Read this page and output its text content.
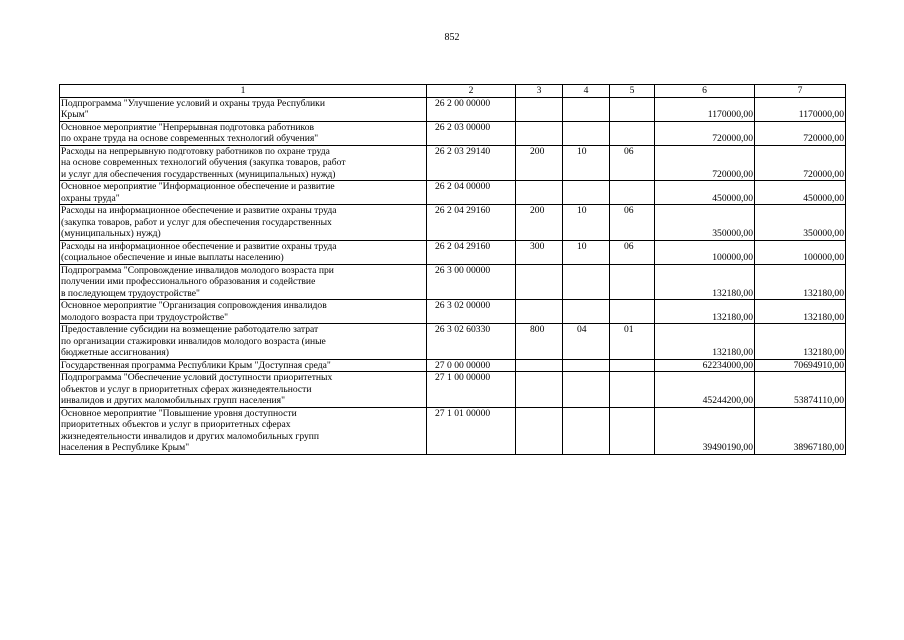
852
1	2	3	4	5	6	7
Подпрограмма "Улучшение условий и охраны труда Республики
Крым"	26 2 00 00000				1170000,00	1170000,00
Основное мероприятие "Непрерывная подготовка работников
по охране труда на основе современных технологий обучения"	26 2 03 00000				720000,00	720000,00
Расходы на непрерывную подготовку работников по охране труда
на основе современных технологий обучения (закупка товаров, работ
и услуг для обеспечения государственных (муниципальных) нужд)	26 2 03 29140	200	10	06	720000,00	720000,00
Основное мероприятие "Информационное обеспечение и развитие
охраны труда"	26 2 04 00000				450000,00	450000,00
Расходы на информационное обеспечение и развитие охраны труда
(закупка товаров, работ и услуг для обеспечения государственных
(муниципальных) нужд)	26 2 04 29160	200	10	06	350000,00	350000,00
Расходы на информационное обеспечение и развитие охраны труда
(социальное обеспечение и иные выплаты населению)	26 2 04 29160	300	10	06	100000,00	100000,00
Подпрограмма "Сопровождение инвалидов молодого возраста при
получении ими профессионального образования и содействие
в последующем трудоустройстве"	26 3 00 00000				132180,00	132180,00
Основное мероприятие "Организация сопровождения инвалидов
молодого возраста при трудоустройстве"	26 3 02 00000				132180,00	132180,00
Предоставление субсидии на возмещение работодателю затрат
по организации стажировки инвалидов молодого возраста (иные
бюджетные ассигнования)	26 3 02 60330	800	04	01	132180,00	132180,00
Государственная программа Республики Крым "Доступная среда"	27 0 00 00000				62234000,00	70694910,00
Подпрограмма "Обеспечение условий доступности приоритетных
объектов и услуг в приоритетных сферах жизнедеятельности
инвалидов и других маломобильных групп населения"	27 1 00 00000				45244200,00	53874110,00
Основное мероприятие "Повышение уровня доступности
приоритетных объектов и услуг в приоритетных сферах
жизнедеятельности инвалидов и других маломобильных групп
населения в Республике Крым"	27 1 01 00000				39490190,00	38967180,00
